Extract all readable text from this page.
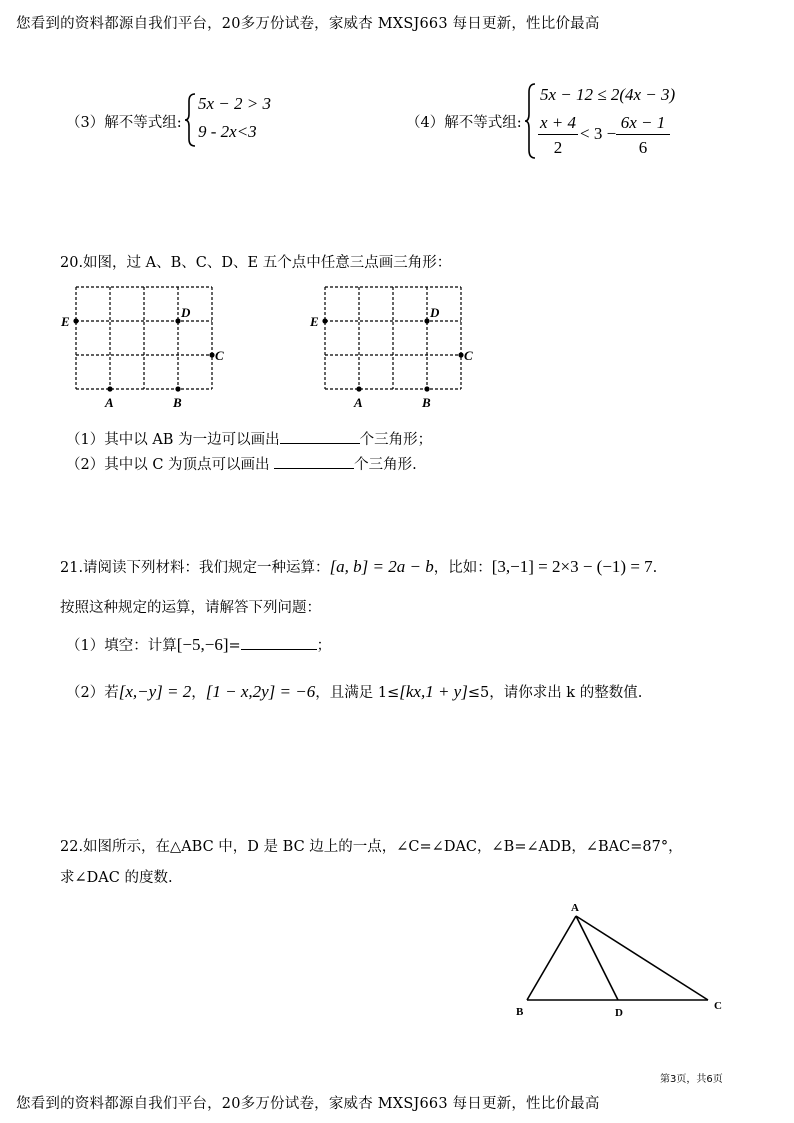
您看到的资料都源自我们平台，20多万份试卷，家威杏 MXSJ663 每日更新，性比价最高
（3）解不等式组:
5x − 2 > 3
9 - 2x<3	（4）解不等式组:
5x − 12 ≤ 2(4x − 3)
x + 4
2
< 3 −
6x − 1
6
20.如图，过 A、B、C、D、E 五个点中任意三点画三角形：
E
D
C
A	B
E
D
C
A	B
（1）其中以 AB 为一边可以画出	个三角形；
（2）其中以 C 为顶点可以画出	个三角形.
21.请阅读下列材料：我们规定一种运算：[a, b] = 2a − b，比如：[3,−1] = 2×3 − (−1) = 7.
按照这种规定的运算，请解答下列问题：
（1）填空：计算[−5,−6]=	；
（2）若[x,−y] = 2，[1 − x,2y] = −6，且满足 1≤[kx,1 + y]≤5，请你求出 k 的整数值.
22.如图所示，在△ABC 中，D 是 BC 边上的一点，∠C=∠DAC，∠B=∠ADB，∠BAC=87°，
求∠DAC 的度数.
A
B	D
C
第3页，共6页
您看到的资料都源自我们平台，20多万份试卷，家威杏 MXSJ663 每日更新，性比价最高
